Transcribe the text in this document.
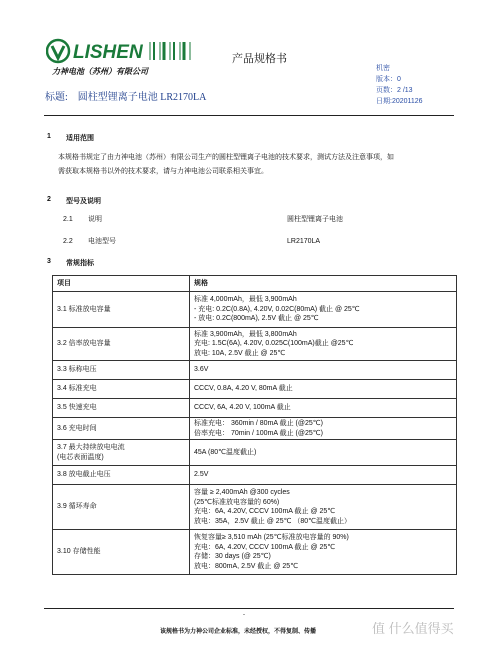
LISHEN
力神电池（苏州）有限公司
产品规格书
标题: 圆柱型锂离子电池 LR2170LA
机密
版本：0
页数：2 /13
日期:20201126
1 适用范围
本规格书规定了由力神电池（苏州）有限公司生产的圆柱型锂离子电池的技术要求，测试方法及注意事项，如
需获取本规格书以外的技术要求，请与力神电池公司联系相关事宜。
2 型号及说明
2.1 说明	圆柱型锂离子电池
2.2 电池型号	LR2170LA
3 常规指标
项目	规格

3.1 标准放电容量	标准 4,000mAh，最低 3,900mAh
- 充电: 0.2C(0.8A), 4.20V, 0.02C(80mA) 截止 @ 25℃
- 放电: 0.2C(800mA), 2.5V 截止 @ 25℃

3.2 倍率放电容量	标准 3,900mAh，最低 3,800mAh
充电: 1.5C(6A), 4.20V, 0.025C(100mA)截止 @25℃
放电: 10A, 2.5V 截止 @ 25℃

3.3 标称电压	3.6V

3.4 标准充电	CCCV, 0.8A, 4.20 V, 80mA 截止

3.5 快速充电	CCCV, 6A, 4.20 V, 100mA 截止

3.6 充电时间	标准充电： 360min / 80mA 截止 (@25℃)
倍率充电： 70min / 100mA 截止 (@25℃)

3.7 最大持续放电电流
(电芯表面温度)	45A (80℃温度截止)

3.8 放电截止电压	2.5V

3.9 循环寿命	容量 ≥ 2,400mAh @300 cycles
(25℃标准放电容量的 60%)
充电：6A, 4.20V, CCCV 100mA 截止 @ 25℃
放电：35A，2.5V 截止 @ 25℃ （80℃温度截止）

3.10 存储性能	恢复容量≥ 3,510 mAh (25℃标准放电容量的 90%)
充电：6A, 4.20V, CCCV 100mA 截止 @ 25℃
存储：30 days (@ 25℃)
放电：800mA, 2.5V 截止 @ 25℃
-
该规格书为力神公司企业标准，未经授权，不得复制、传播	值 什么值得买
